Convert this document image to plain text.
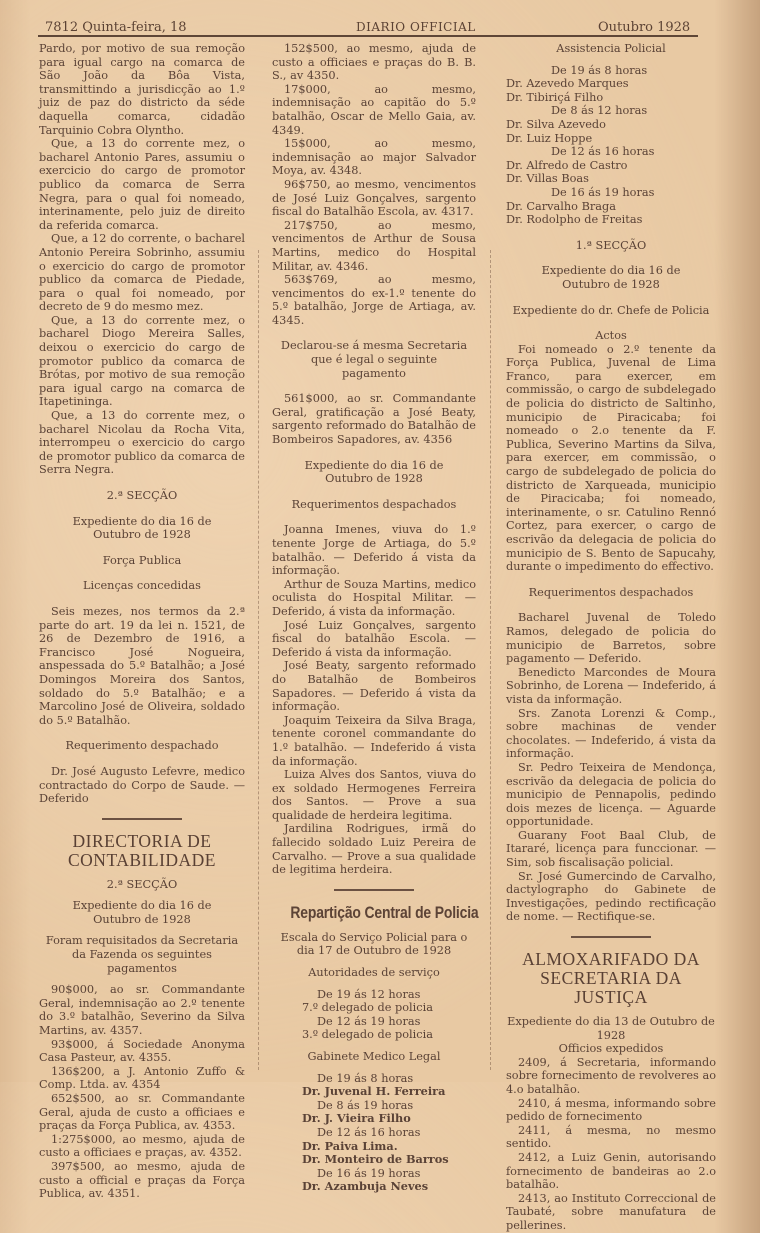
7812 Quinta-feira, 18	DIARIO OFFICIAL	Outubro 1928

Pardo, por motivo de sua remoção para igual cargo na comarca de São João da Bôa Vista, transmittindo a jurisdicção ao 1.º juiz de paz do districto da séde daquella comarca, cidadão Tarquinio Cobra Olyntho.

Que, a 13 do corrente mez, o bacharel Antonio Pares, assumiu o exercicio do cargo de promotor publico da comarca de Serra Negra, para o qual foi nomeado, interinamente, pelo juiz de direito da referida comarca.

Que, a 12 do corrente, o bacharel Antonio Pereira Sobrinho, assumiu o exercicio do cargo de promotor publico da comarca de Piedade, para o qual foi nomeado, por decreto de 9 do mesmo mez.

Que, a 13 do corrente mez, o bacharel Diogo Mereira Salles, deixou o exercicio do cargo de promotor publico da comarca de Brótas, por motivo de sua remoção para igual cargo na comarca de Itapetininga.

Que, a 13 do corrente mez, o bacharel Nicolau da Rocha Vita, interrompeu o exercicio do cargo de promotor publico da comarca de Serra Negra.

2.ª SECÇÃO

Expediente do dia 16 de Outubro de 1928

Força Publica

Licenças concedidas

Seis mezes, nos termos da 2.ª parte do art. 19 da lei n. 1521, de 26 de Dezembro de 1916, a Francisco José Nogueira, anspessada do 5.º Batalhão; a José Domingos Moreira dos Santos, soldado do 5.º Batalhão; e a Marcolino José de Oliveira, soldado do 5.º Batalhão.

Requerimento despachado

Dr. José Augusto Lefevre, medico contractado do Corpo de Saude. — Deferido

DIRECTORIA DE CONTABILIDADE

2.ª SECÇÃO

Expediente do dia 16 de Outubro de 1928

Foram requisitados da Secretaria da Fazenda os seguintes pagamentos

90$000, ao sr. Commandante Geral, indemnisação ao 2.º tenente do 3.º batalhão, Severino da Silva Martins, av. 4357.

93$000, á Sociedade Anonyma Casa Pasteur, av. 4355.

136$200, a J. Antonio Zuffo & Comp. Ltda. av. 4354

652$500, ao sr. Commandante Geral, ajuda de custo a officiaes e praças da Força Publica, av. 4353.

1:275$000, ao mesmo, ajuda de custo a officiaes e praças, av. 4352.

397$500, ao mesmo, ajuda de custo a official e praças da Força Publica, av. 4351.

152$500, ao mesmo, ajuda de custo a officiaes e praças do B. B. S., av 4350.

17$000, ao mesmo, indemnisação ao capitão do 5.º batalhão, Oscar de Mello Gaia, av. 4349.

15$000, ao mesmo, indemnisação ao major Salvador Moya, av. 4348.

96$750, ao mesmo, vencimentos de José Luiz Gonçalves, sargento fiscal do Batalhão Escola, av. 4317.

217$750, ao mesmo, vencimentos de Arthur de Sousa Martins, medico do Hospital Militar, av. 4346.

563$769, ao mesmo, vencimentos do ex-1.º tenente do 5.º batalhão, Jorge de Artiaga, av. 4345.

Declarou-se á mesma Secretaria que é legal o seguinte pagamento

561$000, ao sr. Commandante Geral, gratificação a José Beaty, sargento reformado do Batalhão de Bombeiros Sapadores, av. 4356

Expediente do dia 16 de Outubro de 1928

Requerimentos despachados

Joanna Imenes, viuva do 1.º tenente Jorge de Artiaga, do 5.º batalhão. — Deferido á vista da informação.

Arthur de Souza Martins, medico oculista do Hospital Militar. — Deferido, á vista da informação.

José Luiz Gonçalves, sargento fiscal do batalhão Escola. — Deferido á vista da informação.

José Beaty, sargento reformado do Batalhão de Bombeiros Sapadores. — Deferido á vista da informação.

Joaquim Teixeira da Silva Braga, tenente coronel commandante do 1.º batalhão. — Indeferido á vista da informação.

Luiza Alves dos Santos, viuva do ex soldado Hermogenes Ferreira dos Santos. — Prove a sua qualidade de herdeira legitima.

Jardilina Rodrigues, irmã do fallecido soldado Luiz Pereira de Carvalho. — Prove a sua qualidade de legitima herdeira.

Repartição Central de Policia

Escala do Serviço Policial para o dia 17 de Outubro de 1928

Autoridades de serviço

De 19 ás 12 horas

7.º delegado de policia

De 12 ás 19 horas

3.º delegado de policia

Gabinete Medico Legal

De 19 ás 8 horas

Dr. Juvenal H. Ferreira

De 8 ás 19 horas

Dr. J. Vieira Filho

De 12 ás 16 horas

Dr. Paiva Lima.

Dr. Monteiro de Barros

De 16 ás 19 horas

Dr. Azambuja Neves

Assistencia Policial

De 19 ás 8 horas

Dr. Azevedo Marques

Dr. Tibiriçá Filho

De 8 ás 12 horas

Dr. Silva Azevedo

Dr. Luiz Hoppe

De 12 ás 16 horas

Dr. Alfredo de Castro

Dr. Villas Boas

De 16 ás 19 horas

Dr. Carvalho Braga

Dr. Rodolpho de Freitas

1.ª SECÇÃO

Expediente do dia 16 de Outubro de 1928

Expediente do dr. Chefe de Policia

Actos

Foi nomeado o 2.º tenente da Força Publica, Juvenal de Lima Franco, para exercer, em commissão, o cargo de subdelegado de policia do districto de Saltinho, municipio de Piracicaba; foi nomeado o 2.o tenente da F. Publica, Severino Martins da Silva, para exercer, em commissão, o cargo de subdelegado de policia do districto de Xarqueada, municipio de Piracicaba; foi nomeado, interinamente, o sr. Catulino Rennó Cortez, para exercer, o cargo de escrivão da delegacia de policia do municipio de S. Bento de Sapucahy, durante o impedimento do effectivo.

Requerimentos despachados

Bacharel Juvenal de Toledo Ramos, delegado de policia do municipio de Barretos, sobre pagamento — Deferido.

Benedicto Marcondes de Moura Sobrinho, de Lorena — Indeferido, á vista da informação.

Srs. Zanota Lorenzi & Comp., sobre machinas de vender chocolates. — Indeferido, á vista da informação.

Sr. Pedro Teixeira de Mendonça, escrivão da delegacia de policia do municipio de Pennapolis, pedindo dois mezes de licença. — Aguarde opportunidade.

Guarany Foot Baal Club, de Itararé, licença para funccionar. — Sim, sob fiscalisação policial.

Sr. José Gumercindo de Carvalho, dactylographo do Gabinete de Investigações, pedindo rectificação de nome. — Rectifique-se.

ALMOXARIFADO DA SECRETARIA DA JUSTIÇA

Expediente do dia 13 de Outubro de 1928

Officios expedidos

2409, á Secretaria, informando sobre fornecimento de revolveres ao 4.o batalhão.

2410, á mesma, informando sobre pedido de fornecimento

2411, á mesma, no mesmo sentido.

2412, a Luiz Genin, autorisando fornecimento de bandeiras ao 2.o batalhão.

2413, ao Instituto Correccional de Taubaté, sobre manufatura de pellerines.
